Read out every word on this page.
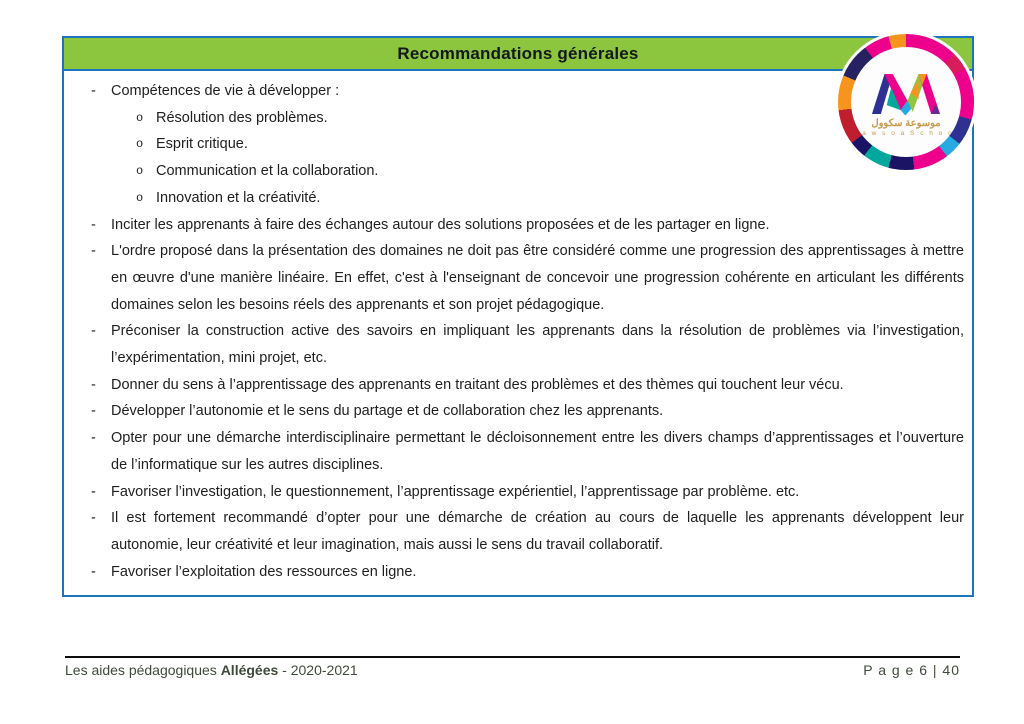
Recommandations générales
-	Compétences de vie à développer :
o Résolution des problèmes.
o Esprit critique.
o Communication et la collaboration.
o Innovation et la créativité.
-	Inciter les apprenants à faire des échanges autour des solutions proposées et de les partager en ligne.
-	L'ordre proposé dans la présentation des domaines ne doit pas être considéré comme une progression des apprentissages à mettre en œuvre d'une manière linéaire. En effet, c'est à l'enseignant de concevoir une progression cohérente en articulant les différents domaines selon les besoins réels des apprenants et son projet pédagogique.
-	Préconiser la construction active des savoirs en impliquant les apprenants dans la résolution de problèmes via l’investigation, l’expérimentation, mini projet, etc.
-	Donner du sens à l’apprentissage des apprenants en traitant des problèmes et des thèmes qui touchent leur vécu.
-	Développer l’autonomie et le sens du partage et de collaboration chez les apprenants.
-	Opter pour une démarche interdisciplinaire permettant le décloisonnement entre les divers champs d’apprentissages et l’ouverture de l’informatique sur les autres disciplines.
-	Favoriser l’investigation, le questionnement, l’apprentissage expérientiel, l’apprentissage par problème. etc.
-	Il est fortement recommandé d’opter pour une démarche de création au cours de laquelle les apprenants développent leur autonomie, leur créativité et leur imagination, mais aussi le sens du travail collaboratif.
-	Favoriser l’exploitation des ressources en ligne.
موسوعة سكوول
M a w s o a S c h o o l
Les aides pédagogiques Allégées - 2020-2021	P a g e 6 | 40
